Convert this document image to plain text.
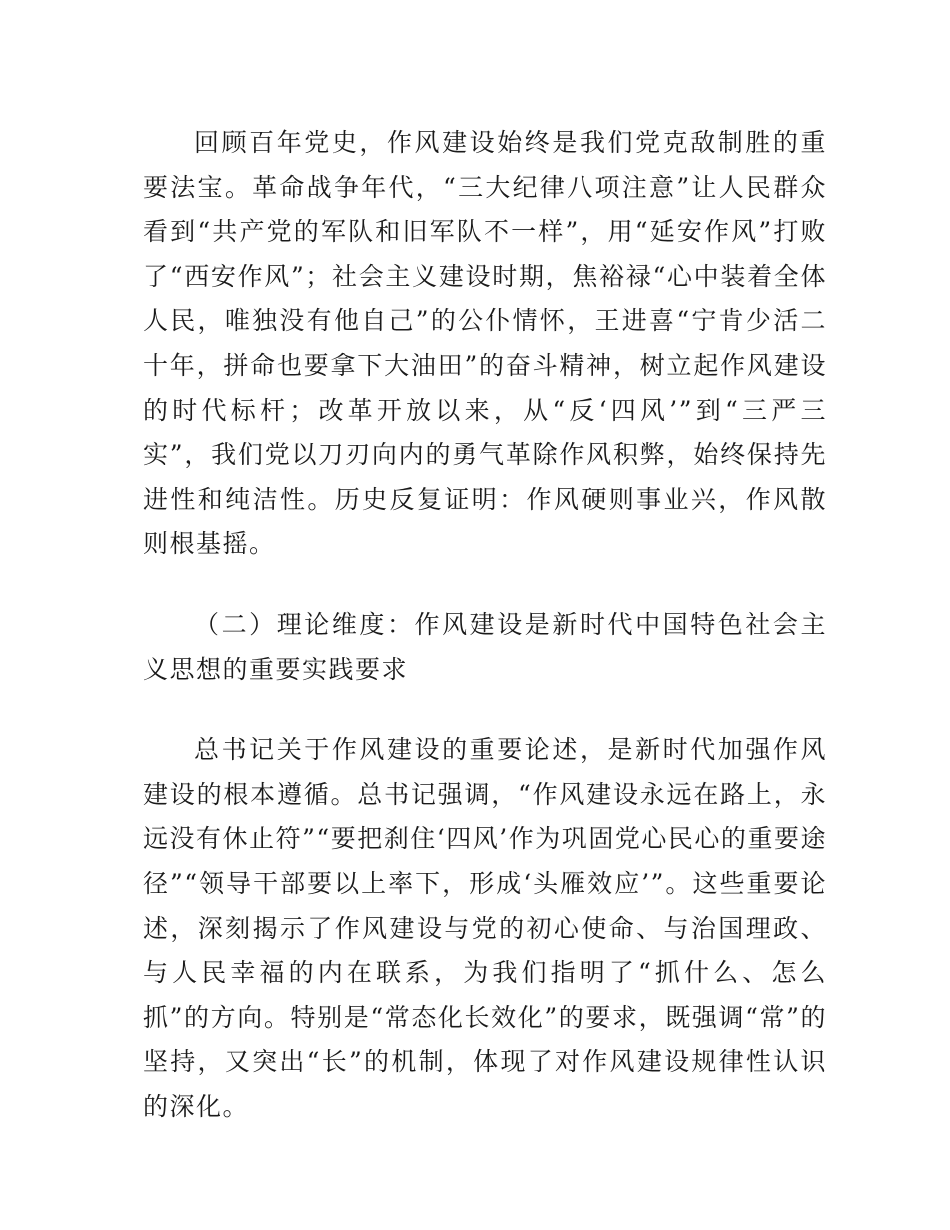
回顾百年党史，作风建设始终是我们党克敌制胜的重要法宝。革命战争年代，“三大纪律八项注意”让人民群众看到“共产党的军队和旧军队不一样”，用“延安作风”打败了“西安作风”；社会主义建设时期，焦裕禄“心中装着全体人民，唯独没有他自己”的公仆情怀，王进喜“宁肯少活二十年，拼命也要拿下大油田”的奋斗精神，树立起作风建设的时代标杆；改革开放以来，从“反‘四风’”到“三严三实”，我们党以刀刃向内的勇气革除作风积弊，始终保持先进性和纯洁性。历史反复证明：作风硬则事业兴，作风散则根基摇。

（二）理论维度：作风建设是新时代中国特色社会主义思想的重要实践要求

总书记关于作风建设的重要论述，是新时代加强作风建设的根本遵循。总书记强调，“作风建设永远在路上，永远没有休止符”“要把刹住‘四风’作为巩固党心民心的重要途径”“领导干部要以上率下，形成‘头雁效应’”。这些重要论述，深刻揭示了作风建设与党的初心使命、与治国理政、与人民幸福的内在联系，为我们指明了“抓什么、怎么抓”的方向。特别是“常态化长效化”的要求，既强调“常”的坚持，又突出“长”的机制，体现了对作风建设规律性认识的深化。
